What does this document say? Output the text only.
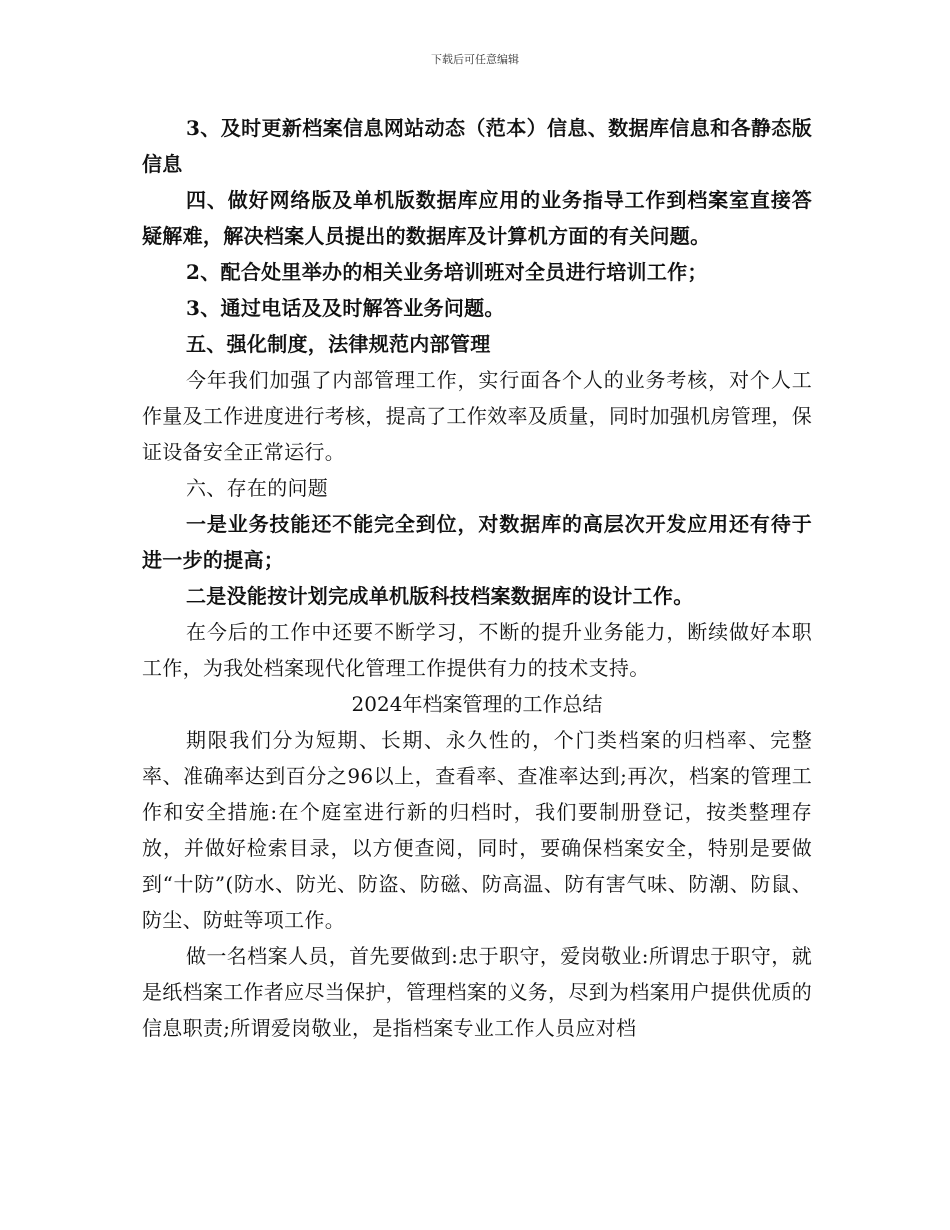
下载后可任意编辑

3、及时更新档案信息网站动态（范本）信息、数据库信息和各静态版信息

四、做好网络版及单机版数据库应用的业务指导工作到档案室直接答疑解难，解决档案人员提出的数据库及计算机方面的有关问题。

2、配合处里举办的相关业务培训班对全员进行培训工作；

3、通过电话及及时解答业务问题。

五、强化制度，法律规范内部管理

今年我们加强了内部管理工作，实行面各个人的业务考核，对个人工作量及工作进度进行考核，提高了工作效率及质量，同时加强机房管理，保证设备安全正常运行。

六、存在的问题

一是业务技能还不能完全到位，对数据库的高层次开发应用还有待于进一步的提高；

二是没能按计划完成单机版科技档案数据库的设计工作。

在今后的工作中还要不断学习，不断的提升业务能力，断续做好本职工作，为我处档案现代化管理工作提供有力的技术支持。

2024年档案管理的工作总结

期限我们分为短期、长期、永久性的，个门类档案的归档率、完整率、准确率达到百分之96以上，查看率、查准率达到;再次，档案的管理工作和安全措施:在个庭室进行新的归档时，我们要制册登记，按类整理存放，并做好检索目录，以方便查阅，同时，要确保档案安全，特别是要做到“十防”(防水、防光、防盗、防磁、防高温、防有害气味、防潮、防鼠、防尘、防蛀等项工作。

做一名档案人员，首先要做到:忠于职守，爱岗敬业:所谓忠于职守，就是纸档案工作者应尽当保护，管理档案的义务，尽到为档案用户提供优质的信息职责;所谓爱岗敬业，是指档案专业工作人员应对档
